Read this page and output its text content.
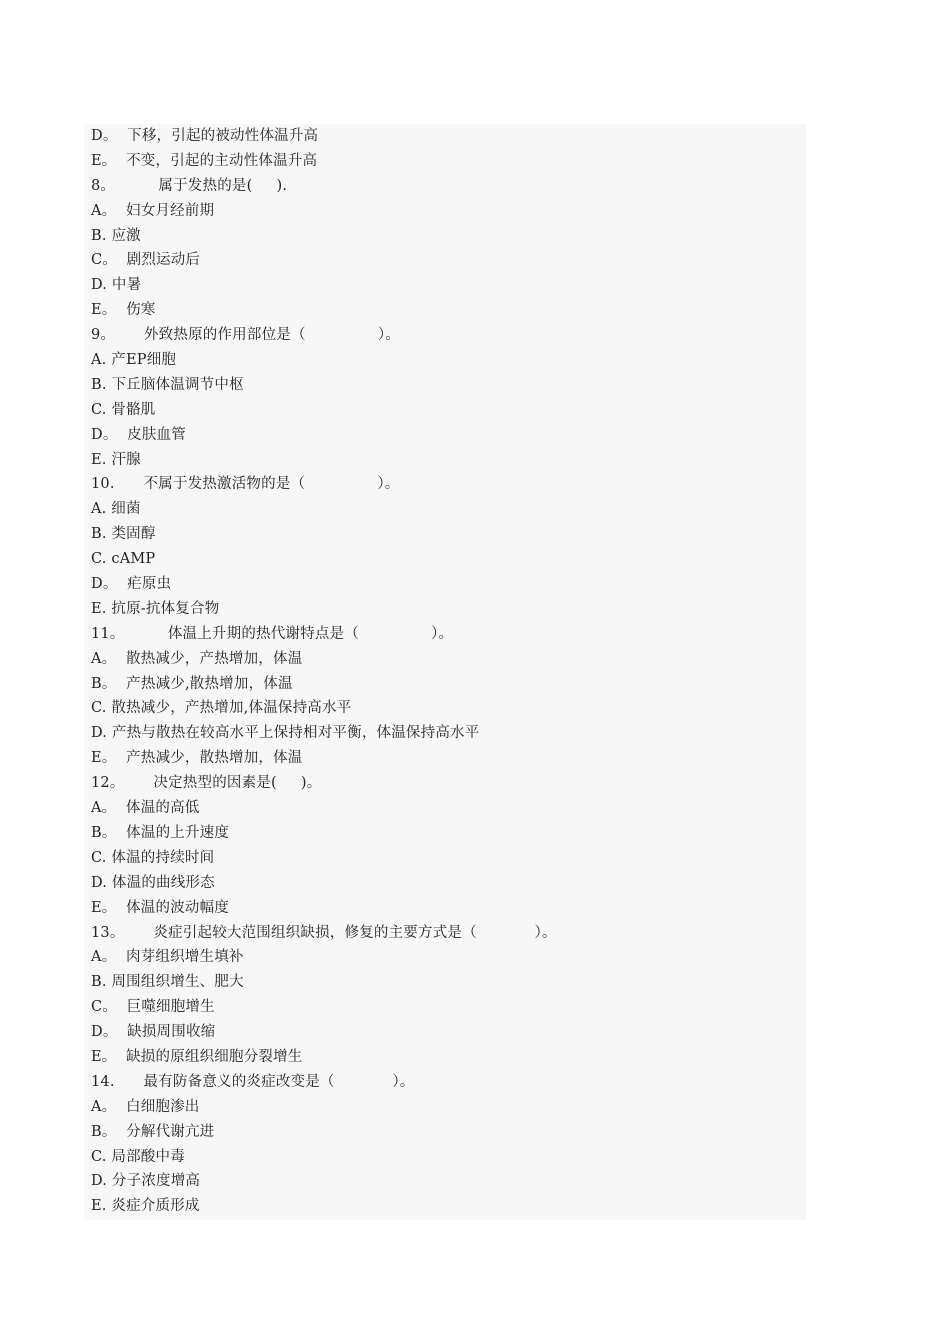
D。  下移，引起的被动性体温升高
E。  不变，引起的主动性体温升高
8。         属于发热的是(     ).
A。  妇女月经前期
B. 应激
C。  剧烈运动后
D. 中暑
E。  伤寒
9。      外致热原的作用部位是（               ）。
A. 产EP细胞
B. 下丘脑体温调节中枢
C. 骨骼肌
D。  皮肤血管
E. 汗腺
10.      不属于发热激活物的是（               ）。
A. 细菌
B. 类固醇
C. cAMP
D。  疟原虫
E. 抗原-抗体复合物
11。         体温上升期的热代谢特点是（               ）。
A。  散热减少，产热增加，体温
B。  产热减少,散热增加，体温
C. 散热减少，产热增加,体温保持高水平
D. 产热与散热在较高水平上保持相对平衡，体温保持高水平
E。  产热减少，散热增加，体温
12。      决定热型的因素是(     )。
A。  体温的高低
B。  体温的上升速度
C. 体温的持续时间
D. 体温的曲线形态
E。  体温的波动幅度
13。      炎症引起较大范围组织缺损，修复的主要方式是（            ）。
A。  肉芽组织增生填补
B. 周围组织增生、肥大
C。  巨噬细胞增生
D。  缺损周围收缩
E。  缺损的原组织细胞分裂增生
14.      最有防备意义的炎症改变是（            ）。
A。  白细胞渗出
B。  分解代谢亢进
C. 局部酸中毒
D. 分子浓度增高
E. 炎症介质形成
